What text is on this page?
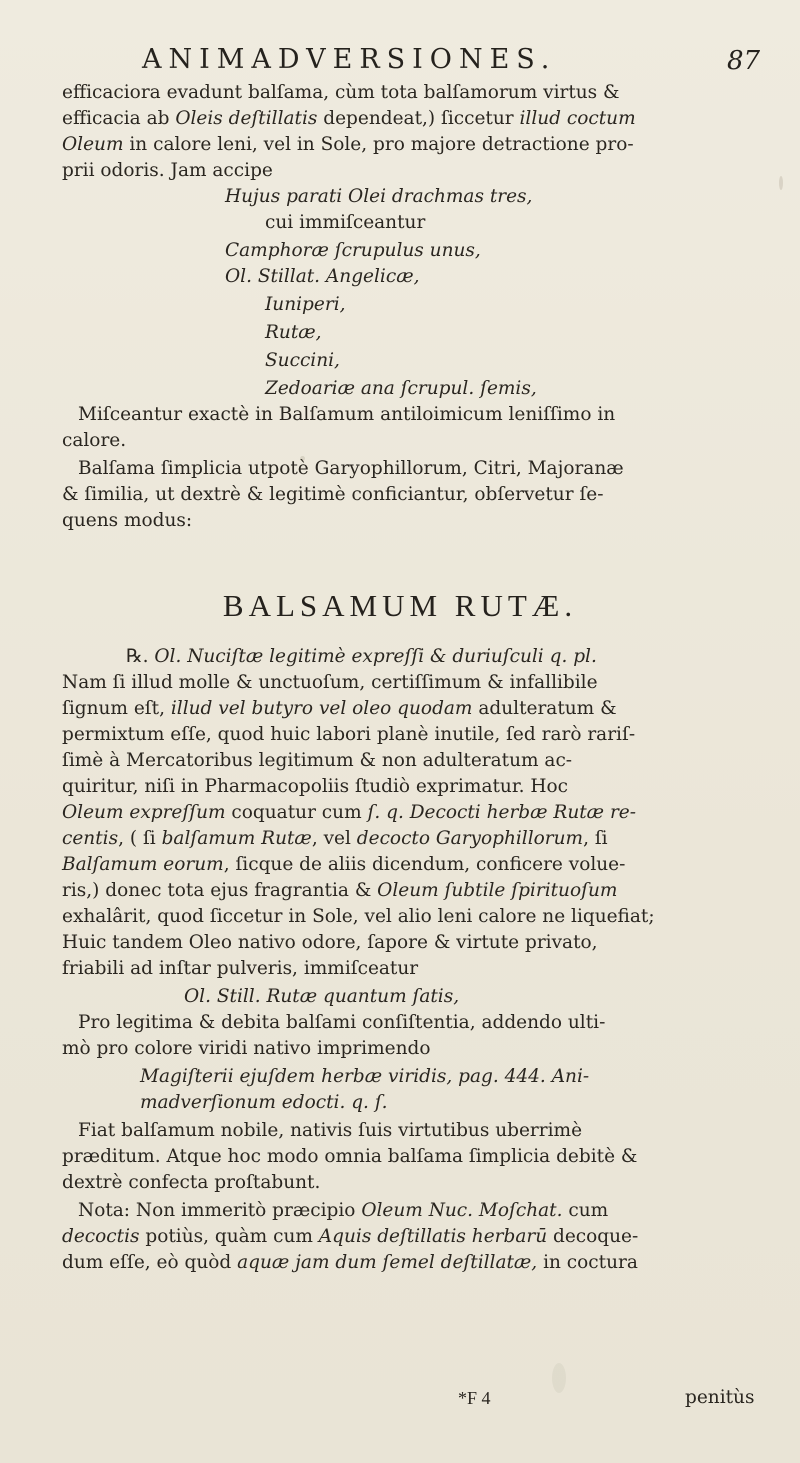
ANIMADVERSIONES.	87
efficaciora evadunt balſama, cùm tota balſamorum virtus &
efficacia ab Oleis deſtillatis dependeat,) ſiccetur illud coctum
Oleum in calore leni, vel in Sole, pro majore detractione pro-
prii odoris. Jam accipe
Hujus parati Olei drachmas tres,
cui immiſceantur
Camphoræ ſcrupulus unus,
Ol. Stillat. Angelicæ,
Iuniperi,
Rutæ,
Succini,
Zedoariæ ana ſcrupul. ſemis,
Miſceantur exactè in Balſamum antiloimicum leniſſimo in
calore.
Balſama ſimplicia utpotè Garyophillorum, Citri, Majoranæ
& ſimilia, ut dextrè & legitimè conficiantur, obſervetur ſe-
quens modus:
BALSAMUM RUTÆ.
℞. Ol. Nuciſtæ legitimè expreſſi & duriuſculi q. pl.
Nam ſi illud molle & unctuoſum, certiſſimum & infallibile
ſignum eſt, illud vel butyro vel oleo quodam adulteratum &
permixtum eſſe, quod huic labori planè inutile, ſed rarò rariſ-
ſimè à Mercatoribus legitimum & non adulteratum ac-
quiritur, niſi in Pharmacopoliis ſtudiò exprimatur. Hoc
Oleum expreſſum coquatur cum ſ. q. Decocti herbæ Rutæ re-
centis, ( ſi balſamum Rutæ, vel decocto Garyophillorum, ſi
Balſamum eorum, ſicque de aliis dicendum, conficere volue-
ris,) donec tota ejus fragrantia & Oleum ſubtile ſpirituoſum
exhalârit, quod ſiccetur in Sole, vel alio leni calore ne liquefiat;
Huic tandem Oleo nativo odore, ſapore & virtute privato,
friabili ad inſtar pulveris, immiſceatur
Ol. Still. Rutæ quantum ſatis,
Pro legitima & debita balſami conſiſtentia, addendo ulti-
mò pro colore viridi nativo imprimendo
Magiſterii ejuſdem herbæ viridis, pag. 444. Ani-
madverſionum edocti. q. ſ.
Fiat balſamum nobile, nativis ſuis virtutibus uberrimè
præditum. Atque hoc modo omnia balſama ſimplicia debitè &
dextrè confecta proſtabunt.
Nota: Non immeritò præcipio Oleum Nuc. Moſchat. cum
decoctis potiùs, quàm cum Aquis deſtillatis herbarū decoque-
dum eſſe, eò quòd aquæ jam dum ſemel deſtillatæ, in coctura
*F 4	penitùs
